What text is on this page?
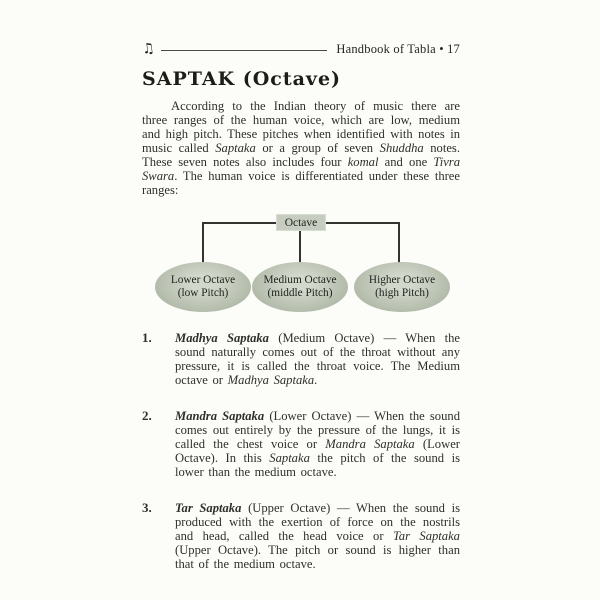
♫	Handbook of Tabla • 17
SAPTAK (Octave)

According to the Indian theory of music there are three ranges of the human voice, which are low, medium and high pitch. These pitches when identified with notes in music called Saptaka or a group of seven Shuddha notes. These seven notes also includes four komal and one Tivra Swara. The human voice is differentiated under these three ranges:

Octave
Lower Octave
(low Pitch)
Medium Octave
(middle Pitch)
Higher Octave
(high Pitch)
1.	Madhya Saptaka (Medium Octave) — When the sound naturally comes out of the throat without any pressure, it is called the throat voice. The Medium octave or Madhya Saptaka.
2.	Mandra Saptaka (Lower Octave) — When the sound comes out entirely by the pressure of the lungs, it is called the chest voice or Mandra Saptaka (Lower Octave). In this Saptaka the pitch of the sound is lower than the medium octave.
3.	Tar Saptaka (Upper Octave) — When the sound is produced with the exertion of force on the nostrils and head, called the head voice or Tar Saptaka (Upper Octave). The pitch or sound is higher than that of the medium octave.
